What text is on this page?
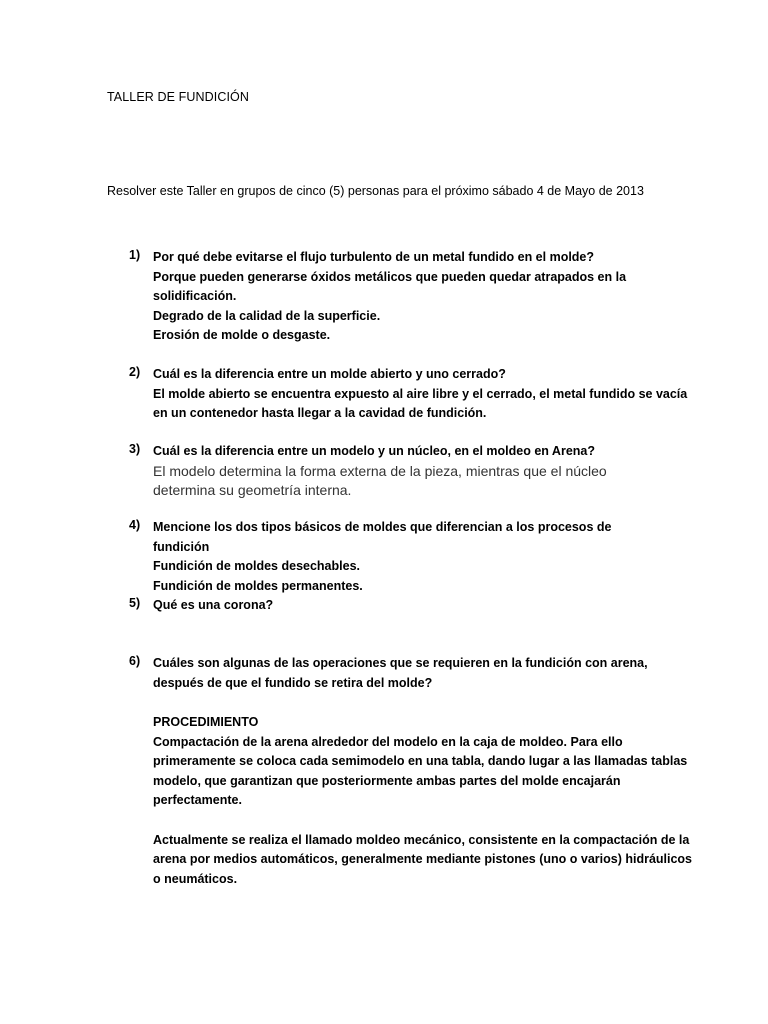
TALLER DE FUNDICIÓN
Resolver este Taller en grupos de cinco (5) personas para el próximo sábado 4 de Mayo de 2013
1) Por qué debe evitarse el flujo turbulento de un metal fundido en el molde?
Porque pueden generarse óxidos metálicos que pueden quedar atrapados en la
solidificación.
Degrado de la calidad de la superficie.
Erosión de molde o desgaste.
2) Cuál es la diferencia entre un molde abierto y uno cerrado?
El molde abierto se encuentra expuesto al aire libre y el cerrado, el metal fundido se vacía
en un contenedor hasta llegar a la cavidad de fundición.
3) Cuál es la diferencia entre un modelo y un núcleo, en el moldeo en Arena?
El modelo determina la forma externa de la pieza, mientras que el núcleo
determina su geometría interna.
4) Mencione los dos tipos básicos de moldes que diferencian a los procesos de fundición
Fundición de moldes desechables.
Fundición de moldes permanentes.
5) Qué es una corona?
6) Cuáles son algunas de las operaciones que se requieren en la fundición con arena,
después de que el fundido se retira del molde?
PROCEDIMIENTO
Compactación de la arena alrededor del modelo en la caja de moldeo. Para ello
primeramente se coloca cada semimodelo en una tabla, dando lugar a las llamadas tablas
modelo, que garantizan que posteriormente ambas partes del molde encajarán
perfectamente.
Actualmente se realiza el llamado moldeo mecánico, consistente en la compactación de la
arena por medios automáticos, generalmente mediante pistones (uno o varios) hidráulicos
o neumáticos.
